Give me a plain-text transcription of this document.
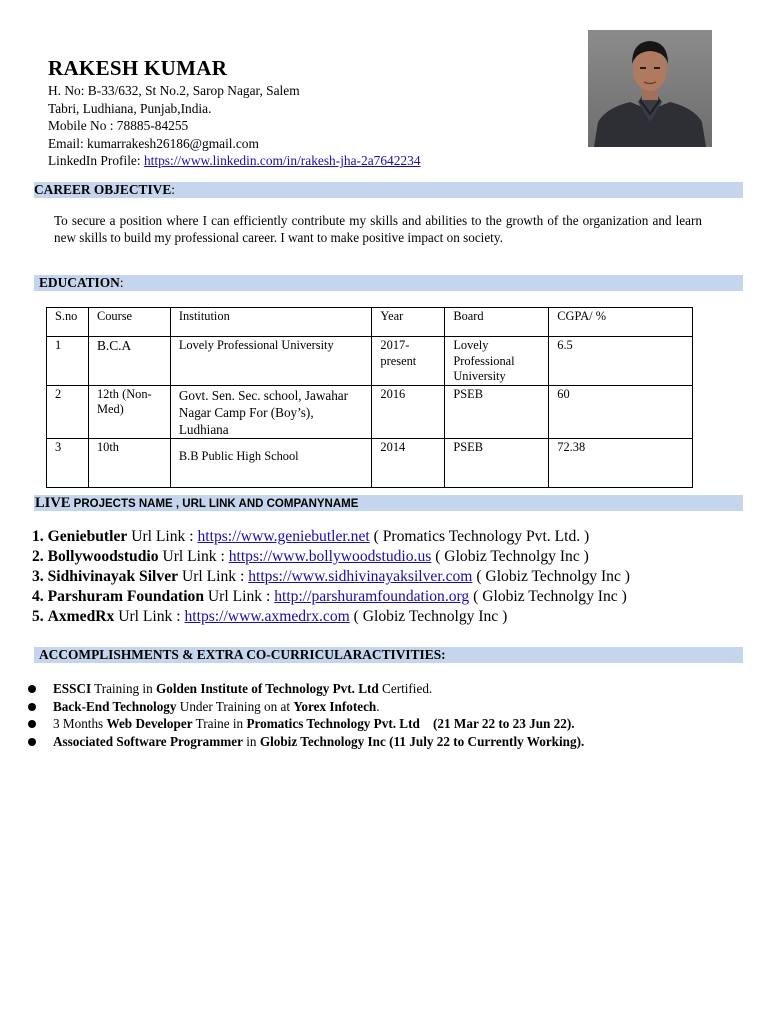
RAKESH KUMAR
H. No: B-33/632, St No.2, Sarop Nagar, Salem
Tabri, Ludhiana, Punjab,India.
Mobile No : 78885-84255
Email: kumarrakesh26186@gmail.com
LinkedIn Profile: https://www.linkedin.com/in/rakesh-jha-2a7642234
CAREER OBJECTIVE:
To secure a position where I can efficiently contribute my skills and abilities to the growth of the organization and learn new skills to build my professional career. I want to make positive impact on society.
EDUCATION:
S.no	Course	Institution	Year	Board	CGPA/ %
1	B.C.A	Lovely Professional University	2017-present	Lovely Professional University	6.5
2	12th (Non-Med)	Govt. Sen. Sec. school, Jawahar Nagar Camp For (Boy’s), Ludhiana	2016	PSEB	60
3	10th	B.B Public High School	2014	PSEB	72.38
LIVE PROJECTS NAME , URL LINK AND COMPANYNAME
1. Geniebutler Url Link : https://www.geniebutler.net ( Promatics Technology Pvt. Ltd. )
2. Bollywoodstudio Url Link : https://www.bollywoodstudio.us ( Globiz Technolgy Inc )
3. Sidhivinayak Silver Url Link : https://www.sidhivinayaksilver.com ( Globiz Technolgy Inc )
4. Parshuram Foundation Url Link : http://parshuramfoundation.org ( Globiz Technolgy Inc )
5. AxmedRx Url Link : https://www.axmedrx.com ( Globiz Technolgy Inc )
ACCOMPLISHMENTS & EXTRA CO-CURRICULARACTIVITIES:
ESSCI Training in Golden Institute of Technology Pvt. Ltd Certified.
Back-End Technology Under Training on at Yorex Infotech.
3 Months Web Developer Traine in Promatics Technology Pvt. Ltd    (21 Mar 22 to 23 Jun 22).
Associated Software Programmer in Globiz Technology Inc (11 July 22 to Currently Working).
